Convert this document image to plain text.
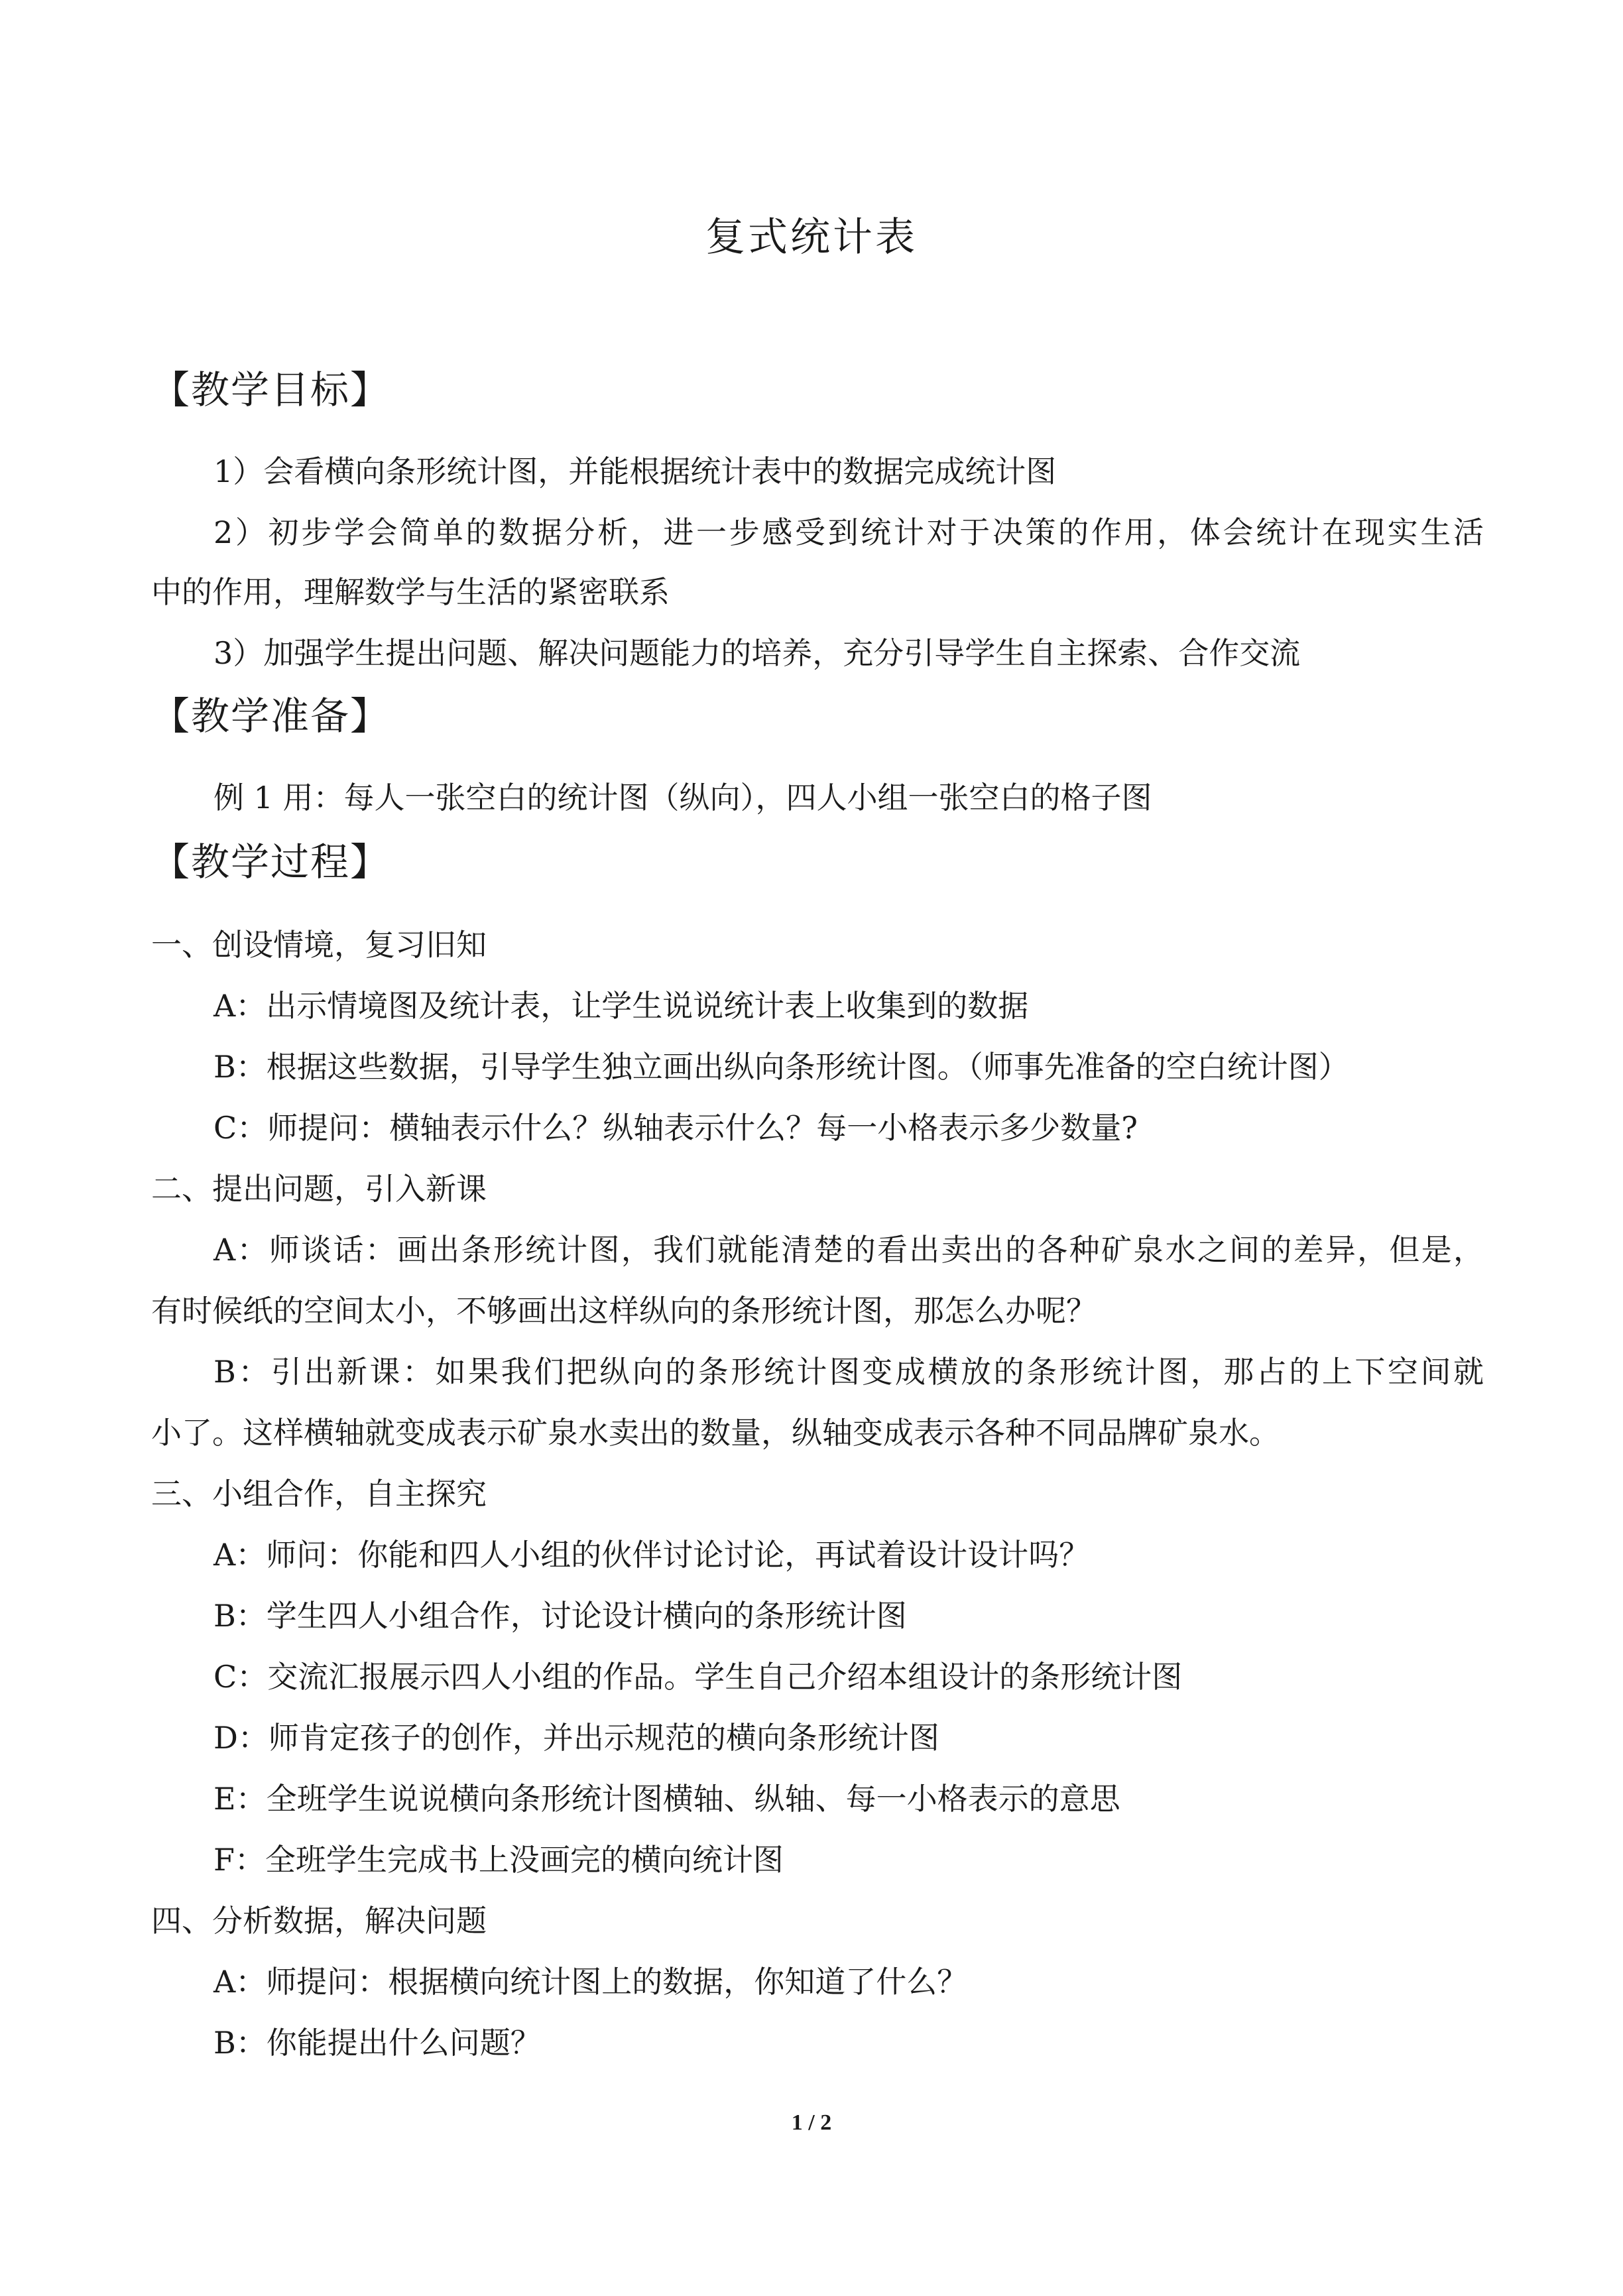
复式统计表
【教学目标】
1）会看横向条形统计图，并能根据统计表中的数据完成统计图
2）初步学会简单的数据分析，进一步感受到统计对于决策的作用，体会统计在现实生活
中的作用，理解数学与生活的紧密联系
3）加强学生提出问题、解决问题能力的培养，充分引导学生自主探索、合作交流
【教学准备】
例 1 用：每人一张空白的统计图（纵向），四人小组一张空白的格子图
【教学过程】
一、创设情境，复习旧知
A：出示情境图及统计表，让学生说说统计表上收集到的数据
B：根据这些数据，引导学生独立画出纵向条形统计图。（师事先准备的空白统计图）
C：师提问：横轴表示什么？纵轴表示什么？每一小格表示多少数量?
二、提出问题，引入新课
A：师谈话：画出条形统计图，我们就能清楚的看出卖出的各种矿泉水之间的差异，但是，
有时候纸的空间太小，不够画出这样纵向的条形统计图，那怎么办呢？
B：引出新课：如果我们把纵向的条形统计图变成横放的条形统计图，那占的上下空间就
小了。这样横轴就变成表示矿泉水卖出的数量，纵轴变成表示各种不同品牌矿泉水。
三、小组合作，自主探究
A：师问：你能和四人小组的伙伴讨论讨论，再试着设计设计吗？
B：学生四人小组合作，讨论设计横向的条形统计图
C：交流汇报展示四人小组的作品。学生自己介绍本组设计的条形统计图
D：师肯定孩子的创作，并出示规范的横向条形统计图
E：全班学生说说横向条形统计图横轴、纵轴、每一小格表示的意思
F：全班学生完成书上没画完的横向统计图
四、分析数据，解决问题
A：师提问：根据横向统计图上的数据，你知道了什么？
B：你能提出什么问题？
1 / 2
